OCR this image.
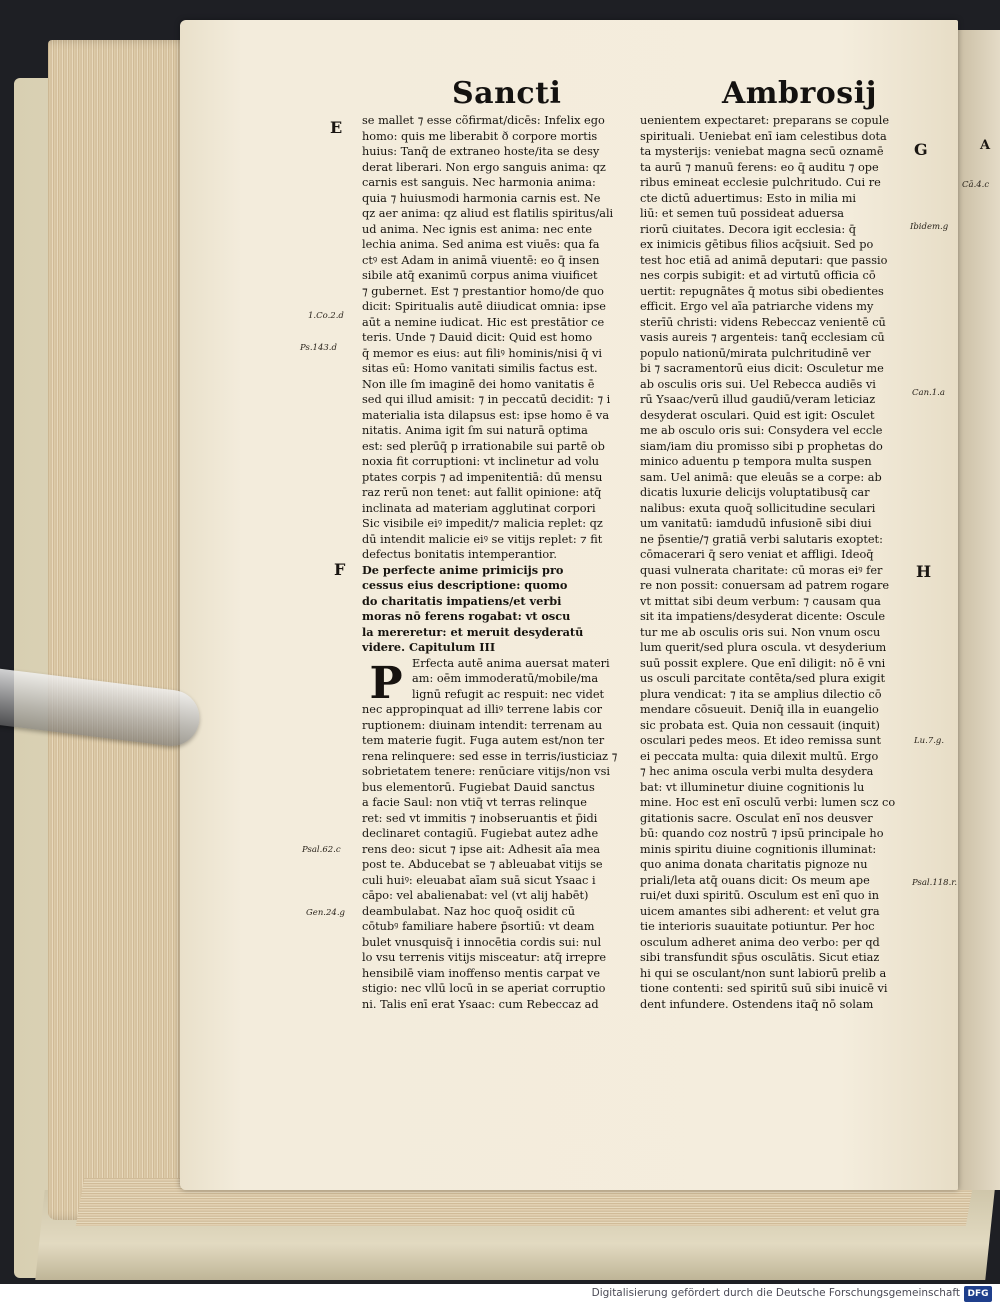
Sancti	Ambrosij
se mallet ⁊ esse cõfirmat/dicēs: Infelix ego
homo: quis me liberabit ð corpore mortis
huius: Tanq̄ de extraneo hoste/ita se desy
derat liberari. Non ergo sanguis anima: qz
carnis est sanguis. Nec harmonia anima:
quia ⁊ huiusmodi harmonia carnis est. Ne
qz aer anima: qz aliud est flatilis spiritus/ali
ud anima. Nec ignis est anima: nec ente
lechia anima. Sed anima est viuēs: qua fa
ctꝰ est Adam in animā viuentē: eo q̄ insen
sibile atq̄ exanimū corpus anima viuificet
⁊ gubernet. Est ⁊ prestantior homo/de quo
dicit: Spiritualis autē diiudicat omnia: ipse
aūt a nemine iudicat. Hic est prestātior ce
teris. Unde ⁊ Dauid dicit: Quid est homo
q̄ memor es eius: aut filiꝰ hominis/nisi q̄ vi
sitas eū: Homo vanitati similis factus est.
Non ille ſm imaginē dei homo vanitatis ē
sed qui illud amisit: ⁊ in peccatū decidit: ⁊ i
materialia ista dilapsus est: ipse homo ē va
nitatis. Anima igit ſm sui naturā optima
est: sed plerūq̄ p irrationabile sui partē ob
noxia fit corruptioni: vt inclinetur ad volu
ptates corpis ⁊ ad impenitentiā: dū mensu
raz rerū non tenet: aut fallit opinione: atq̄
inclinata ad materiam agglutinat corpori
Sic visibile eiꝰ impedit/⁊ malicia replet: qz
dū intendit malicie eiꝰ se vitijs replet: ⁊ fit
defectus bonitatis intemperantior.
De perfecte anime primicijs pro
cessus eius descriptione: quomo
do charitatis impatiens/et verbi
moras nō ferens rogabat: vt oscu
la mereretur: et meruit desyderatū
videre. Capitulum III
Erfecta autē anima auersat materi
am: oēm immoderatū/mobile/ma
lignū refugit ac respuit: nec videt
nec appropinquat ad illiꝰ terrene labis cor
ruptionem: diuinam intendit: terrenam au
tem materie fugit. Fuga autem est/non ter
rena relinquere: sed esse in terris/iusticiaz ⁊
sobrietatem tenere: renūciare vitijs/non vsi
bus elementorū. Fugiebat Dauid sanctus
a facie Saul: non vtiq̄ vt terras relinque
ret: sed vt immitis ⁊ inobseruantis et p̄idi
declinaret contagiū. Fugiebat autez adhe
rens deo: sicut ⁊ ipse ait: Adhesit aīa mea
post te. Abducebat se ⁊ ableuabat vitijs se
culi huiꝰ: eleuabat aīam suā sicut Ysaac i
cāpo: vel abalienabat: vel (vt alij habēt)
deambulabat. Naz hoc quoq̄ osidit cū
cōtubꝰ familiare habere p̄sortiū: vt deam
bulet vnusquisq̄ i innocētia cordis sui: nul
lo vsu terrenis vitijs misceatur: atq̄ irrepre
hensibilē viam inoffenso mentis carpat ve
stigio: nec vllū locū in se aperiat corruptio
ni. Talis enī erat Ysaac: cum Rebeccaz ad
uenientem expectaret: preparans se copule
spirituali. Ueniebat enī iam celestibus dota
ta mysterijs: veniebat magna secū oznamē
ta aurū ⁊ manuū ferens: eo q̄ auditu ⁊ ope
ribus emineat ecclesie pulchritudo. Cui re
cte dictū aduertimus: Esto in milia mi
liū: et semen tuū possideat aduersa
riorū ciuitates. Decora igit ecclesia: q̄
ex inimicis gētibus filios acq̄siuit. Sed po
test hoc etiā ad animā deputari: que passio
nes corpis subigit: et ad virtutū officia cō
uertit: repugnātes q̄ motus sibi obedientes
efficit. Ergo vel aīa patriarche videns my
sterīū christi: videns Rebeccaz venientē cū
vasis aureis ⁊ argenteis: tanq̄ ecclesiam cū
populo nationū/mirata pulchritudinē ver
bi ⁊ sacramentorū eius dicit: Osculetur me
ab osculis oris sui. Uel Rebecca audiēs vi
rū Ysaac/verū illud gaudiū/veram leticiaz
desyderat osculari. Quid est igit: Osculet
me ab osculo oris sui: Consydera vel eccle
siam/iam diu promisso sibi p prophetas do
minico aduentu p tempora multa suspen
sam. Uel animā: que eleuās se a corpe: ab
dicatis luxurie delicijs voluptatibusq̄ car
nalibus: exuta quoq̄ sollicitudine seculari
um vanitatū: iamdudū infusionē sibi diui
ne p̄sentie/⁊ gratiā verbi salutaris exoptet:
cōmacerari q̄ sero veniat et affligi. Ideoq̄
quasi vulnerata charitate: cū moras eiꝰ fer
re non possit: conuersam ad patrem rogare
vt mittat sibi deum verbum: ⁊ causam qua
sit ita impatiens/desyderat dicente: Oscule
tur me ab osculis oris sui. Non vnum oscu
lum querit/sed plura oscula. vt desyderium
suū possit explere. Que enī diligit: nō ē vni
us osculi parcitate contēta/sed plura exigit
plura vendicat: ⁊ ita se amplius dilectio cō
mendare cōsueuit. Deniq̄ illa in euangelio
sic probata est. Quia non cessauit (inquit)
osculari pedes meos. Et ideo remissa sunt
ei peccata multa: quia dilexit multū. Ergo
⁊ hec anima oscula verbi multa desydera
bat: vt illuminetur diuine cognitionis lu
mine. Hoc est enī osculū verbi: lumen scz co
gitationis sacre. Osculat enī nos deusver
bū: quando coz nostrū ⁊ ipsū principale ho
minis spiritu diuine cognitionis illuminat:
quo anima donata charitatis pignoze nu
priali/leta atq̄ ouans dicit: Os meum ape
rui/et duxi spiritū. Osculum est enī quo in
uicem amantes sibi adherent: et velut gra
tie interioris suauitate potiuntur. Per hoc
osculum adheret anima deo verbo: per qd
sibi transfundit sp̄us osculātis. Sicut etiaz
hi qui se osculant/non sunt labiorū prelib a
tione contenti: sed spiritū suū sibi inuicē vi
dent infundere. Ostendens itaq̄ nō solam
P
E
F
G
H
A
1.Co.2.d
Ps.143.d
Psal.62.c
Gen.24.g
Ibidem.g
Can.1.a
Lu.7.g.
Psal.118.r.
Cā.4.c
Digitalisierung gefördert durch die Deutsche Forschungsgemeinschaft DFG
